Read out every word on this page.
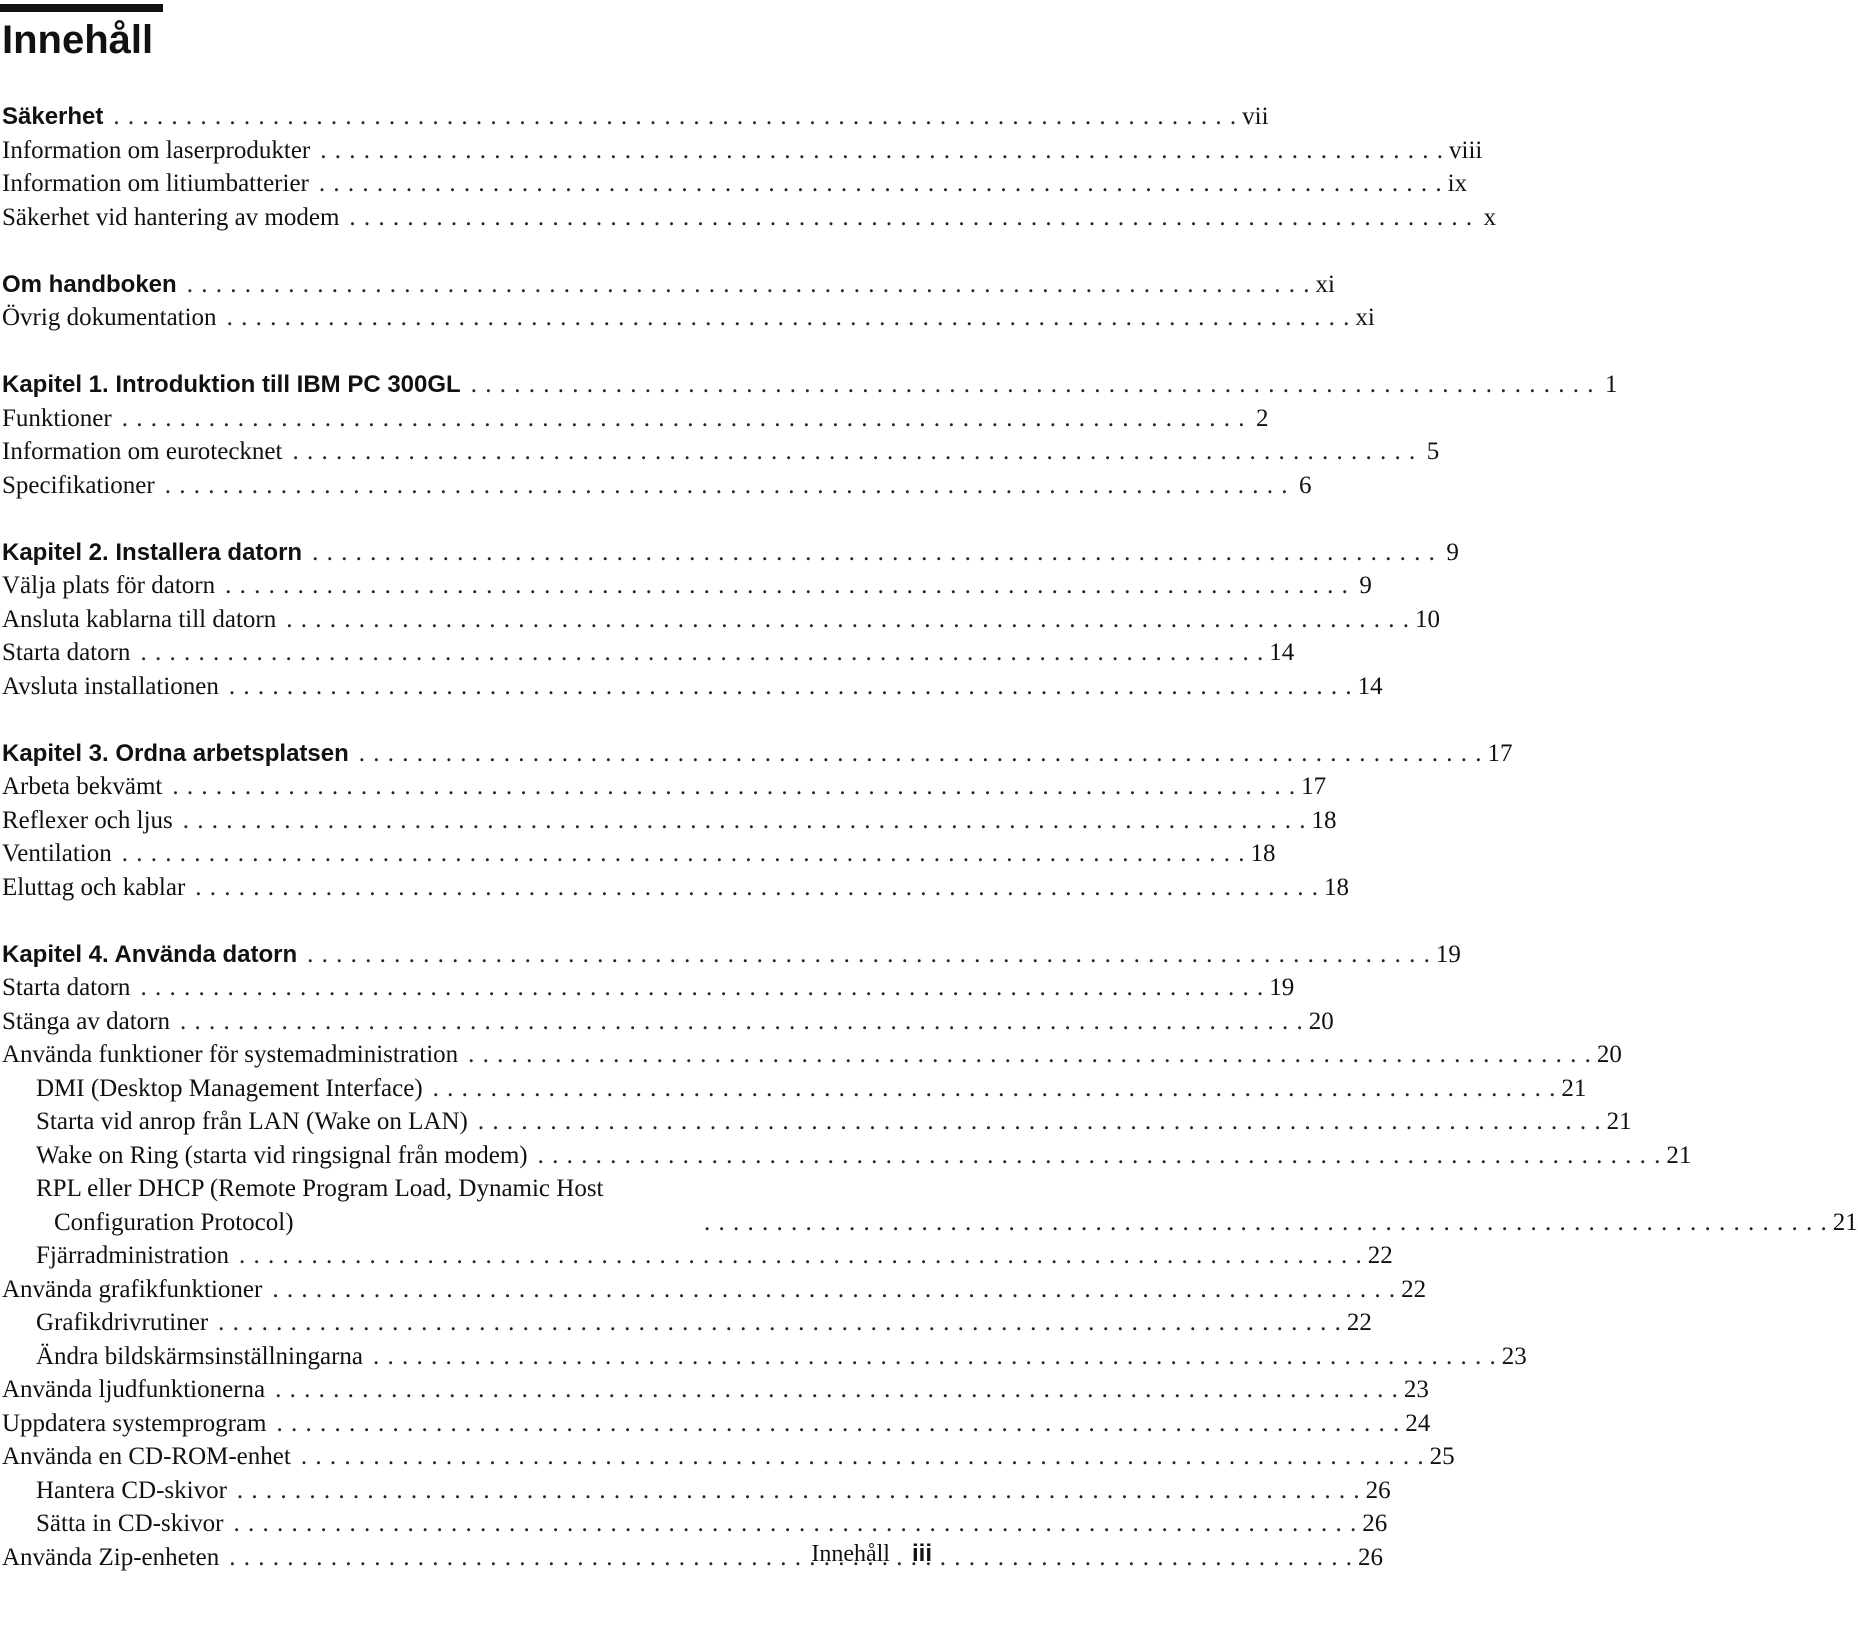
Innehåll
Säkerhet . . .	vii
Information om laserprodukter . . .	viii
Information om litiumbatterier . . .	ix
Säkerhet vid hantering av modem . . .	x
Om handboken . . .	xi
Övrig dokumentation . . .	xi
Kapitel 1. Introduktion till IBM PC 300GL . . .	1
Funktioner . . .	2
Information om eurotecknet . . .	5
Specifikationer . . .	6
Kapitel 2. Installera datorn . . .	9
Välja plats för datorn . . .	9
Ansluta kablarna till datorn . . .	10
Starta datorn . . .	14
Avsluta installationen . . .	14
Kapitel 3. Ordna arbetsplatsen . . .	17
Arbeta bekvämt . . .	17
Reflexer och ljus . . .	18
Ventilation . . .	18
Eluttag och kablar . . .	18
Kapitel 4. Använda datorn . . .	19
Starta datorn . . .	19
Stänga av datorn . . .	20
Använda funktioner för systemadministration . . .	20
DMI (Desktop Management Interface) . . .	21
Starta vid anrop från LAN (Wake on LAN) . . .	21
Wake on Ring (starta vid ringsignal från modem) . . .	21
RPL eller DHCP (Remote Program Load, Dynamic Host
Configuration Protocol) . . .	21
Fjärradministration . . .	22
Använda grafikfunktioner . . .	22
Grafikdrivrutiner . . .	22
Ändra bildskärmsinställningarna . . .	23
Använda ljudfunktionerna . . .	23
Uppdatera systemprogram . . .	24
Använda en CD-ROM-enhet . . .	25
Hantera CD-skivor . . .	26
Sätta in CD-skivor . . .	26
Använda Zip-enheten . . .	26
Innehåll iii
